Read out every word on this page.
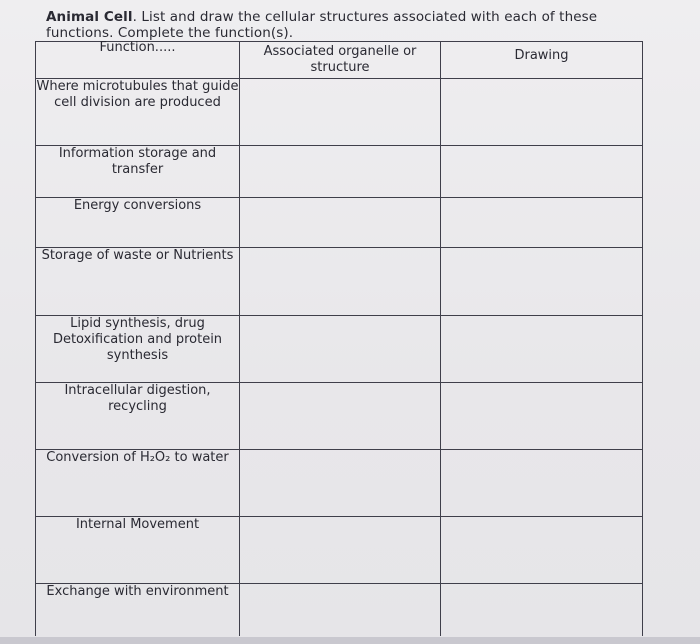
Animal Cell. List and draw the cellular structures associated with each of these functions. Complete the function(s).
Function.....	Associated organelle or structure	Drawing

Where microtubules that guide cell division are produced		
Information storage and transfer		
Energy conversions		
Storage of waste or Nutrients		
Lipid synthesis, drug Detoxification and protein synthesis		
Intracellular digestion, recycling		
Conversion of H₂O₂ to water		
Internal Movement		
Exchange with environment		
